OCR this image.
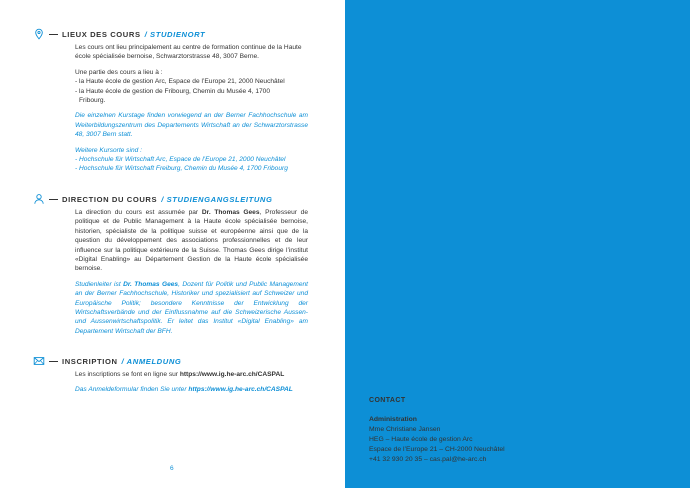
LIEUX DES COURS / STUDIENORT

Les cours ont lieu principalement au centre de formation continue de la Haute école spécialisée bernoise, Schwarztorstrasse 48, 3007 Berne.

Une partie des cours a lieu à :
- la Haute école de gestion Arc, Espace de l’Europe 21, 2000 Neuchâtel
- la Haute école de gestion de Fribourg, Chemin du Musée 4, 1700
Fribourg.

Die einzelnen Kurstage finden vorwiegend an der Berner Fachhochschule am Weiterbildungszentrum des Departements Wirtschaft an der Schwarztorstrasse 48, 3007 Bern statt.

Weitere Kursorte sind :
- Hochschule für Wirtschaft Arc, Espace de l’Europe 21, 2000 Neuchâtel
- Hochschule für Wirtschaft Freiburg, Chemin du Musée 4, 1700 Fribourg

DIRECTION DU COURS / STUDIENGANGSLEITUNG

La direction du cours est assumée par Dr. Thomas Gees, Professeur de politique et de Public Management à la Haute école spécialisée bernoise, historien, spécialiste de la politique suisse et européenne ainsi que de la question du développement des associations professionnelles et de leur influence sur la politique extérieure de la Suisse. Thomas Gees dirige l’institut «Digital Enabling» au Département Gestion de la Haute école spécialisée bernoise.

Studienleiter ist Dr. Thomas Gees, Dozent für Politik und Public Management an der Berner Fachhochschule, Historiker und spezialisiert auf Schweizer und Europäische Politik; besondere Kenntnisse der Entwicklung der Wirtschaftsverbände und der Einflussnahme auf die Schweizerische Aussen- und Aussenwirtschaftspolitik. Er leitet das Institut «Digital Enabling» am Departement Wirtschaft der BFH.

INSCRIPTION / ANMELDUNG

Les inscriptions se font en ligne sur https://www.ig.he-arc.ch/CASPAL

Das Anmeldeformular finden Sie unter https://www.ig.he-arc.ch/CASPAL

6
CONTACT
Administration
Mme Christiane Jansen
HEG – Haute école de gestion Arc
Espace de l’Europe 21 – CH-2000 Neuchâtel
+41 32 930 20 35 – cas.pal@he-arc.ch
